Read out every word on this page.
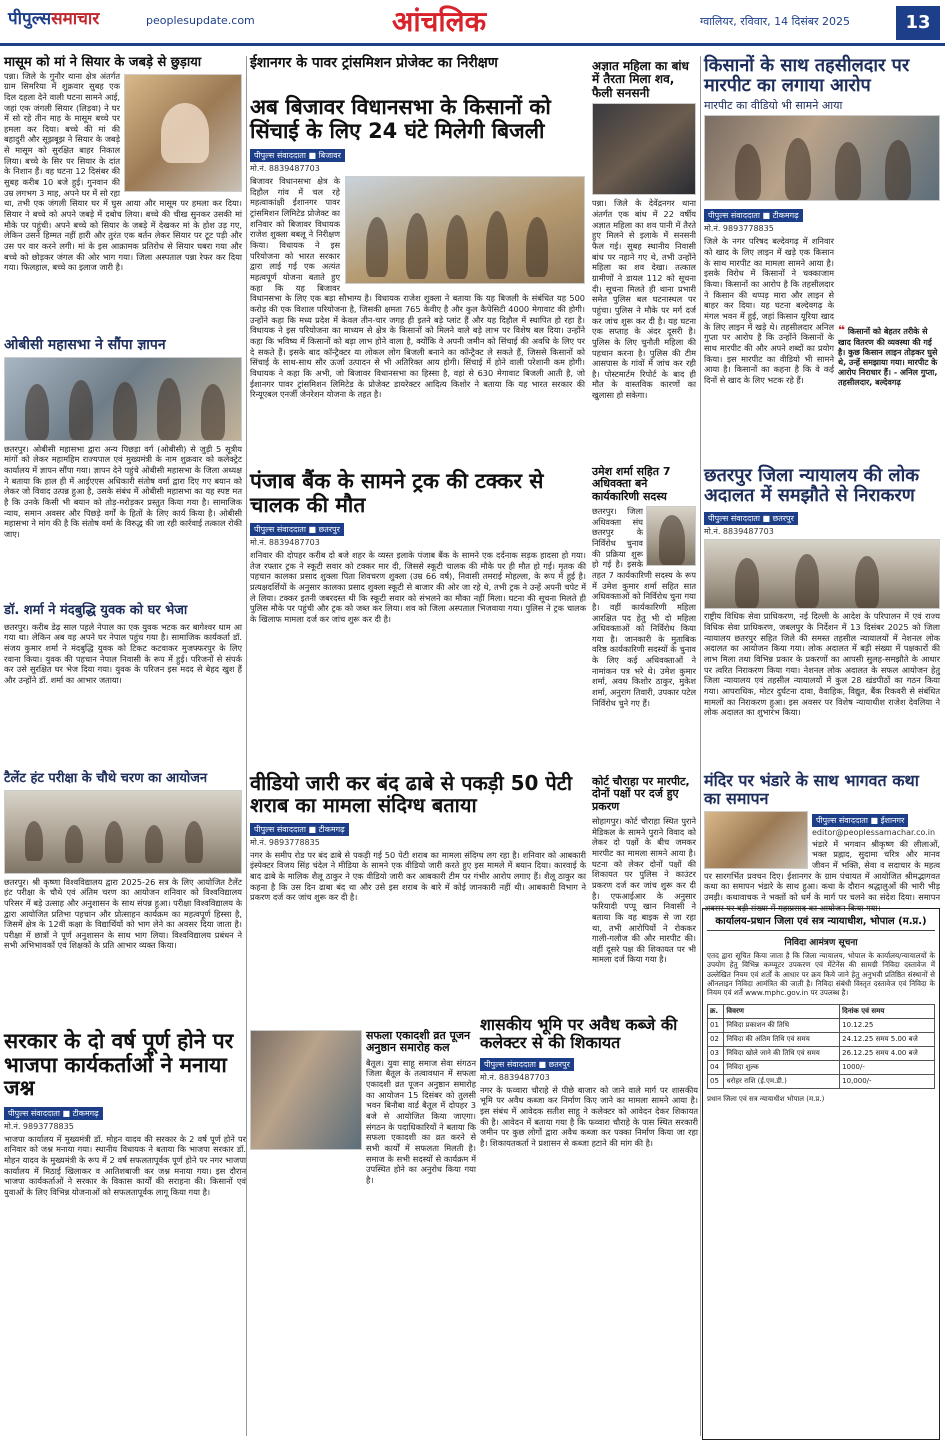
पीपुल्ससमाचार	peoplesupdate.com	आंचलिक	ग्वालियर, रविवार, 14 दिसंबर 2025	13
मासूम को मां ने सियार के जबड़े से छुड़ाया
पन्ना। जिले के गुनौर थाना क्षेत्र अंतर्गत ग्राम सिमरिया में शुक्रवार सुबह एक दिल दहला देने वाली घटना सामने आई, जहां एक जंगली सियार (लिड़वा) ने घर में सो रहे तीन माह के मासूम बच्चे पर हमला कर दिया। बच्चे की मां की बहादुरी और सूझबूझ ने सियार के जबड़े से मासूम को सुरक्षित बाहर निकाल लिया। बच्चे के सिर पर सियार के दांत के निशान हैं। वह घटना 12 दिसंबर की सुबह करीब 10 बजे हुई। गुनवान की उम्र लगभग 3 माह, अपने घर में सो रहा था, तभी एक जंगली सियार घर में घुस आया और मासूम पर हमला कर दिया। सियार ने बच्चे को अपने जबड़े में दबोच लिया। बच्चे की चीख सुनकर उसकी मां मौके पर पहुंची। अपने बच्चे को सियार के जबड़े में देखकर मां के होश उड़ गए, लेकिन उसने हिम्मत नहीं हारी और तुरंत एक बर्तन लेकर सियार पर टूट पड़ी और उस पर वार करने लगी। मां के इस आक्रामक प्रतिरोध से सियार घबरा गया और बच्चे को छोड़कर जंगल की ओर भाग गया। जिला अस्पताल पन्ना रेफर कर दिया गया। फिलहाल, बच्चे का इलाज जारी है।
ईशानगर के पावर ट्रांसमिशन प्रोजेक्ट का निरीक्षण
अब बिजावर विधानसभा के किसानों को सिंचाई के लिए 24 घंटे मिलेगी बिजली
पीपुल्स संवाददाता ■ बिजावर
मो.नं. 8839487703
बिजावर विधानसभा क्षेत्र के दिहौल गांव में चल रहे महत्वाकांक्षी ईशानगर पावर ट्रांसमिशन लिमिटेड प्रोजेक्ट का शनिवार को बिजावर विधायक राजेश शुक्ला बबलू ने निरीक्षण किया। विधायक ने इस परियोजना को भारत सरकार द्वारा लाई गई एक अत्यंत महत्वपूर्ण योजना बताते हुए कहा कि यह बिजावर विधानसभा के लिए एक बड़ा सौभाग्य है। विधायक राजेश शुक्ला ने बताया कि यह बिजली के संबंधित यह 500 करोड़ की एक विशाल परियोजना है, जिसकी क्षमता 765 केवीए है और कुल कैपेसिटी 4000 मेगावाट की होगी। उन्होंने कहा कि मध्य प्रदेश में केवल तीन-चार जगह ही इतने बड़े प्लांट हैं और यह दिहौल में स्थापित हो रहा है। विधायक ने इस परियोजना का माध्यम से क्षेत्र के किसानों को मिलने वाले बड़े लाभ पर विशेष बल दिया। उन्होंने कहा कि भविष्य में किसानों को बड़ा लाभ होने वाला है, क्योंकि वे अपनी जमीन को सिंचाई की अवधि के लिए पर दे सकते हैं। इसके बाद कॉन्ट्रैक्टर या लोकल लोग बिजली बनाने का कॉन्ट्रैक्ट ले सकते हैं, जिससे किसानों को सिंचाई के साथ-साथ सौर ऊर्जा उत्पादन से भी अतिरिक्त आय होगी। सिंचाई में होने वाली परेशानी कम होगी। विधायक ने कहा कि अभी, जो बिजावर विधानसभा का हिस्सा है, वहां से 630 मेगावाट बिजली आती है, जो ईशानगर पावर ट्रांसमिशन लिमिटेड के प्रोजेक्ट डायरेक्टर आदित्य किशोर ने बताया कि यह भारत सरकार की रिन्यूएबल एनर्जी जेनरेशन योजना के तहत है।
अज्ञात महिला का बांध में तैरता मिला शव, फैली सनसनी
पन्ना। जिले के देवेंद्रनगर थाना अंतर्गत एक बांध में 22 वर्षीय अज्ञात महिला का शव पानी में तैरते हुए मिलने से इलाके में सनसनी फैल गई। सुबह स्थानीय निवासी बांध पर नहाने गए थे, तभी उन्होंने महिला का शव देखा। तत्काल ग्रामीणों ने डायल 112 को सूचना दी। सूचना मिलते ही थाना प्रभारी समेत पुलिस बल घटनास्थल पर पहुंचा। पुलिस ने मौके पर मर्ग दर्ज कर जांच शुरू कर दी है। यह घटना एक सप्ताह के अंदर दूसरी है। पुलिस के लिए चुनौती महिला की पहचान करना है। पुलिस की टीम आसपास के गांवों में जांच कर रही है। पोस्टमार्टम रिपोर्ट के बाद ही मौत के वास्तविक कारणों का खुलासा हो सकेगा।
किसानों के साथ तहसीलदार पर मारपीट का लगाया आरोप
मारपीट का वीडियो भी सामने आया
पीपुल्स संवाददाता ■ टीकमगढ़
मो.नं. 9893778835
जिले के नगर परिषद बल्देवगढ़ में शनिवार को खाद के लिए लाइन में खड़े एक किसान के साथ मारपीट का मामला सामने आया है। इसके विरोध में किसानों ने चक्काजाम किया। किसानों का आरोप है कि तहसीलदार ने किसान की थप्पड़ मारा और लाइन से बाहर कर दिया। यह घटना बल्देवगढ़ के मंगल भवन में हुई, जहां किसान यूरिया खाद के लिए लाइन में खड़े थे। तहसीलदार अनिल गुप्ता पर आरोप है कि उन्होंने किसानों के साथ मारपीट की और अपने शब्दों का प्रयोग किया। इस मारपीट का वीडियो भी सामने आया है। किसानों का कहना है कि वे कई दिनों से खाद के लिए भटक रहे हैं।
❝ किसानों को बेहतर तरीके से खाद वितरण की व्यवस्था की गई है। कुछ किसान लाइन तोड़कर घुसे थे, उन्हें समझाया गया। मारपीट के आरोप निराधार हैं। - अनिल गुप्ता, तहसीलदार, बल्देवगढ़
ओबीसी महासभा ने सौंपा ज्ञापन
छतरपुर। ओबीसी महासभा द्वारा अन्य पिछड़ा वर्ग (ओबीसी) से जुड़ी 5 सूत्रीय मांगों को लेकर महामहिम राज्यपाल एवं मुख्यमंत्री के नाम शुक्रवार को कलेक्ट्रेट कार्यालय में ज्ञापन सौंपा गया। ज्ञापन देने पहुंचे ओबीसी महासभा के जिला अध्यक्ष ने बताया कि हाल ही में आईएएस अधिकारी संतोष वर्मा द्वारा दिए गए बयान को लेकर जो विवाद उत्पन्न हुआ है, उसके संबंध में ओबीसी महासभा का यह स्पष्ट मत है कि उनके किसी भी बयान को तोड़-मरोड़कर प्रस्तुत किया गया है। सामाजिक न्याय, समान अवसर और पिछड़े वर्गों के हितों के लिए कार्य किया है। ओबीसी महासभा ने मांग की है कि संतोष वर्मा के विरुद्ध की जा रही कार्रवाई तत्काल रोकी जाए।
डॉ. शर्मा ने मंदबुद्धि युवक को घर भेजा
छतरपुर। करीब डेढ़ साल पहले नेपाल का एक युवक भटक कर बागेश्वर धाम आ गया था। लेकिन अब वह अपने घर नेपाल पहुंच गया है। सामाजिक कार्यकर्ता डॉ. संजय कुमार शर्मा ने मंदबुद्धि युवक को टिकट कटवाकर मुजफ्फरपुर के लिए रवाना किया। युवक की पहचान नेपाल निवासी के रूप में हुई। परिजनों से संपर्क कर उसे सुरक्षित घर भेज दिया गया। युवक के परिजन इस मदद से बेहद खुश हैं और उन्होंने डॉ. शर्मा का आभार जताया।
पंजाब बैंक के सामने ट्रक की टक्कर से चालक की मौत
पीपुल्स संवाददाता ■ छतरपुर
मो.नं. 8839487703
शनिवार की दोपहर करीब दो बजे शहर के व्यस्त इलाके पंजाब बैंक के सामने एक दर्दनाक सड़क हादसा हो गया। तेज रफ्तार ट्रक ने स्कूटी सवार को टक्कर मार दी, जिससे स्कूटी चालक की मौके पर ही मौत हो गई। मृतक की पहचान कालका प्रसाद शुक्ला पिता शिवचरण शुक्ला (उम्र 66 वर्ष), निवासी तमराई मोहल्ला, के रूप में हुई है। प्रत्यक्षदर्शियों के अनुसार कालका प्रसाद शुक्ला स्कूटी से बाजार की ओर जा रहे थे, तभी ट्रक ने उन्हें अपनी चपेट में ले लिया। टक्कर इतनी जबरदस्त थी कि स्कूटी सवार को संभलने का मौका नहीं मिला। घटना की सूचना मिलते ही पुलिस मौके पर पहुंची और ट्रक को जब्त कर लिया। शव को जिला अस्पताल भिजवाया गया। पुलिस ने ट्रक चालक के खिलाफ मामला दर्ज कर जांच शुरू कर दी है।
उमेश शर्मा सहित 7 अधिवक्ता बने कार्यकारिणी सदस्य
छतरपुर। जिला अधिवक्ता संघ छतरपुर के निर्विरोध चुनाव की प्रक्रिया शुरू हो गई है। इसके तहत 7 कार्यकारिणी सदस्य के रूप में उमेश कुमार शर्मा सहित सात अधिवक्ताओं को निर्विरोध चुना गया है। वहीं कार्यकारिणी महिला आरक्षित पद हेतु भी दो महिला अधिवक्ताओं को निर्विरोध किया गया है। जानकारी के मुताबिक वरिष्ठ कार्यकारिणी सदस्यों के चुनाव के लिए कई अधिवक्ताओं ने नामांकन पत्र भरे थे। उमेश कुमार शर्मा, अवध किशोर ठाकुर, मुकेश शर्मा, अनुराग तिवारी, उपकार पटेल निर्विरोध चुने गए हैं।
छतरपुर जिला न्यायालय की लोक अदालत में समझौते से निराकरण
पीपुल्स संवाददाता ■ छतरपुर
मो.नं. 8839487703
राष्ट्रीय विधिक सेवा प्राधिकरण, नई दिल्ली के आदेश के परिपालन में एवं राज्य विधिक सेवा प्राधिकरण, जबलपुर के निर्देशन में 13 दिसंबर 2025 को जिला न्यायालय छतरपुर सहित जिले की समस्त तहसील न्यायालयों में नेशनल लोक अदालत का आयोजन किया गया। लोक अदालत में बड़ी संख्या में पक्षकारों की लाभ मिला तथा विभिन्न प्रकार के प्रकरणों का आपसी सुलह-समझौते के आधार पर त्वरित निराकरण किया गया। नेशनल लोक अदालत के सफल आयोजन हेतु जिला न्यायालय एवं तहसील न्यायालयों में कुल 28 खंडपीठों का गठन किया गया। आपराधिक, मोटर दुर्घटना दावा, वैवाहिक, विद्युत, बैंक रिकवरी से संबंधित मामलों का निराकरण हुआ। इस अवसर पर विशेष न्यायाधीश राजेश देवलिया ने लोक अदालत का शुभारंभ किया।
टैलेंट हंट परीक्षा के चौथे चरण का आयोजन
छतरपुर। श्री कृष्णा विश्वविद्यालय द्वारा 2025-26 सत्र के लिए आयोजित टैलेंट हंट परीक्षा के चौथे एवं अंतिम चरण का आयोजन शनिवार को विश्वविद्यालय परिसर में बड़े उत्साह और अनुशासन के साथ संपन्न हुआ। परीक्षा विश्वविद्यालय के द्वारा आयोजित प्रतिभा पहचान और प्रोत्साहन कार्यक्रम का महत्वपूर्ण हिस्सा है, जिसमें क्षेत्र के 12वीं कक्षा के विद्यार्थियों को भाग लेने का अवसर दिया जाता है। परीक्षा में छात्रों ने पूर्ण अनुशासन के साथ भाग लिया। विश्वविद्यालय प्रबंधन ने सभी अभिभावकों एवं शिक्षकों के प्रति आभार व्यक्त किया।
वीडियो जारी कर बंद ढाबे से पकड़ी 50 पेटी शराब का मामला संदिग्ध बताया
पीपुल्स संवाददाता ■ टीकमगढ़
मो.नं. 9893778835
नगर के समीप रोड पर बंद ढाबे से पकड़ी गई 50 पेटी शराब का मामला संदिग्ध लग रहा है। शनिवार को आबकारी इंस्पेक्टर विजय सिंह चंदेल ने मीडिया के सामने एक वीडियो जारी करते हुए इस मामले में बयान दिया। कारवाई के बाद ढाबे के मालिक शैलू ठाकुर ने एक वीडियो जारी कर आबकारी टीम पर गंभीर आरोप लगाए हैं। शैलू ठाकुर का कहना है कि उस दिन ढाबा बंद था और उसे इस शराब के बारे में कोई जानकारी नहीं थी। आबकारी विभाग ने प्रकरण दर्ज कर जांच शुरू कर दी है।
कोर्ट चौराहा पर मारपीट, दोनों पक्षों पर दर्ज हुए प्रकरण
सोहागपुर। कोर्ट चौराहा स्थित पुराने मेडिकल के सामने पुराने विवाद को लेकर दो पक्षों के बीच जमकर मारपीट का मामला सामने आया है। घटना को लेकर दोनों पक्षों की शिकायत पर पुलिस ने काउंटर प्रकरण दर्ज कर जांच शुरू कर दी है। एफआईआर के अनुसार फरियादी पप्पू खान निवासी ने बताया कि वह बाइक से जा रहा था, तभी आरोपियों ने रोककर गाली-गलौज की और मारपीट की। वहीं दूसरे पक्ष की शिकायत पर भी मामला दर्ज किया गया है।
मंदिर पर भंडारे के साथ भागवत कथा का समापन
पीपुल्स संवाददाता ■ ईशानगर
editor@peoplessamachar.co.in
भंडारे में भगवान श्रीकृष्ण की लीलाओं, भक्त प्रह्लाद, सुदामा चरित्र और मानव जीवन में भक्ति, सेवा व सदाचार के महत्व पर सारगर्भित प्रवचन दिए। ईशानगर के ग्राम पंचायत में आयोजित श्रीमद्भागवत कथा का समापन भंडारे के साथ हुआ। कथा के दौरान श्रद्धालुओं की भारी भीड़ उमड़ी। कथावाचक ने भक्तों को धर्म के मार्ग पर चलने का संदेश दिया। समापन अवसर पर बड़ी संख्या में महाप्रसाद का आयोजन किया गया।
सरकार के दो वर्ष पूर्ण होने पर भाजपा कार्यकर्ताओं ने मनाया जश्न
पीपुल्स संवाददाता ■ टीकमगढ़
मो.नं. 9893778835
भाजपा कार्यालय में मुख्यमंत्री डॉ. मोहन यादव की सरकार के 2 वर्ष पूर्ण होने पर शनिवार को जश्न मनाया गया। स्थानीय विधायक ने बताया कि भाजपा सरकार डॉ. मोहन यादव के मुख्यमंत्री के रूप में 2 वर्ष सफलतापूर्वक पूर्ण होने पर नगर भाजपा कार्यालय में मिठाई खिलाकर व आतिशबाजी कर जश्न मनाया गया। इस दौरान भाजपा कार्यकर्ताओं ने सरकार के विकास कार्यों की सराहना की। किसानों एवं युवाओं के लिए विभिन्न योजनाओं को सफलतापूर्वक लागू किया गया है।
सफला एकादशी व्रत पूजन अनुष्ठान समारोह कल
बैतूल। युवा साहू समाज सेवा संगठन जिला बैतूल के तत्वावधान में सफला एकादशी व्रत पूजन अनुष्ठान समारोह का आयोजन 15 दिसंबर को तुलसी भवन बिनौबा वार्ड बैतूल में दोपहर 3 बजे से आयोजित किया जाएगा। संगठन के पदाधिकारियों ने बताया कि सफला एकादशी का व्रत करने से सभी कार्यों में सफलता मिलती है। समाज के सभी सदस्यों से कार्यक्रम में उपस्थित होने का अनुरोध किया गया है।
शासकीय भूमि पर अवैध कब्जे की कलेक्टर से की शिकायत
पीपुल्स संवाददाता ■ छतरपुर
मो.नं. 8839487703
नगर के फव्वारा चौराहे से पीछे बाजार को जाने वाले मार्ग पर शासकीय भूमि पर अवैध कब्जा कर निर्माण किए जाने का मामला सामने आया है। इस संबंध में आवेदक सतीश साहू ने कलेक्टर को आवेदन देकर शिकायत की है। आवेदन में बताया गया है कि फव्वारा चौराहे के पास स्थित सरकारी जमीन पर कुछ लोगों द्वारा अवैध कब्जा कर पक्का निर्माण किया जा रहा है। शिकायतकर्ता ने प्रशासन से कब्जा हटाने की मांग की है।
कार्यालय-प्रधान जिला एवं सत्र न्यायाधीश, भोपाल (म.प्र.)
निविदा आमंत्रण सूचना
एतद द्वारा सूचित किया जाता है कि जिला न्यायालय, भोपाल के कार्यालय/न्यायालयों के उपयोग हेतु विभिन्न कम्प्यूटर उपकरण एवं मेंटेनेंस की सामग्री निविदा दस्तावेज में उल्लेखित नियम एवं शर्तों के आधार पर क्रय किये जाने हेतु अनुभवी प्रतिष्ठित संस्थानों से ऑनलाइन निविदा आमंत्रित की जाती है। निविदा संबंधी विस्तृत दस्तावेज एवं निविदा के नियम एवं शर्ते www.mphc.gov.in पर उपलब्ध है।
क्र.	विवरण	दिनांक एवं समय
01	निविदा प्रकाशन की तिथि	10.12.25
02	निविदा की अंतिम तिथि एवं समय	24.12.25 समय 5.00 बजे
03	निविदा खोले जाने की तिथि एवं समय	26.12.25 समय 4.00 बजे
04	निविदा शुल्क	1000/-
05	धरोहर राशि (ई.एम.डी.)	10,000/-
प्रधान जिला एवं सत्र न्यायाधीश भोपाल (म.प्र.)
